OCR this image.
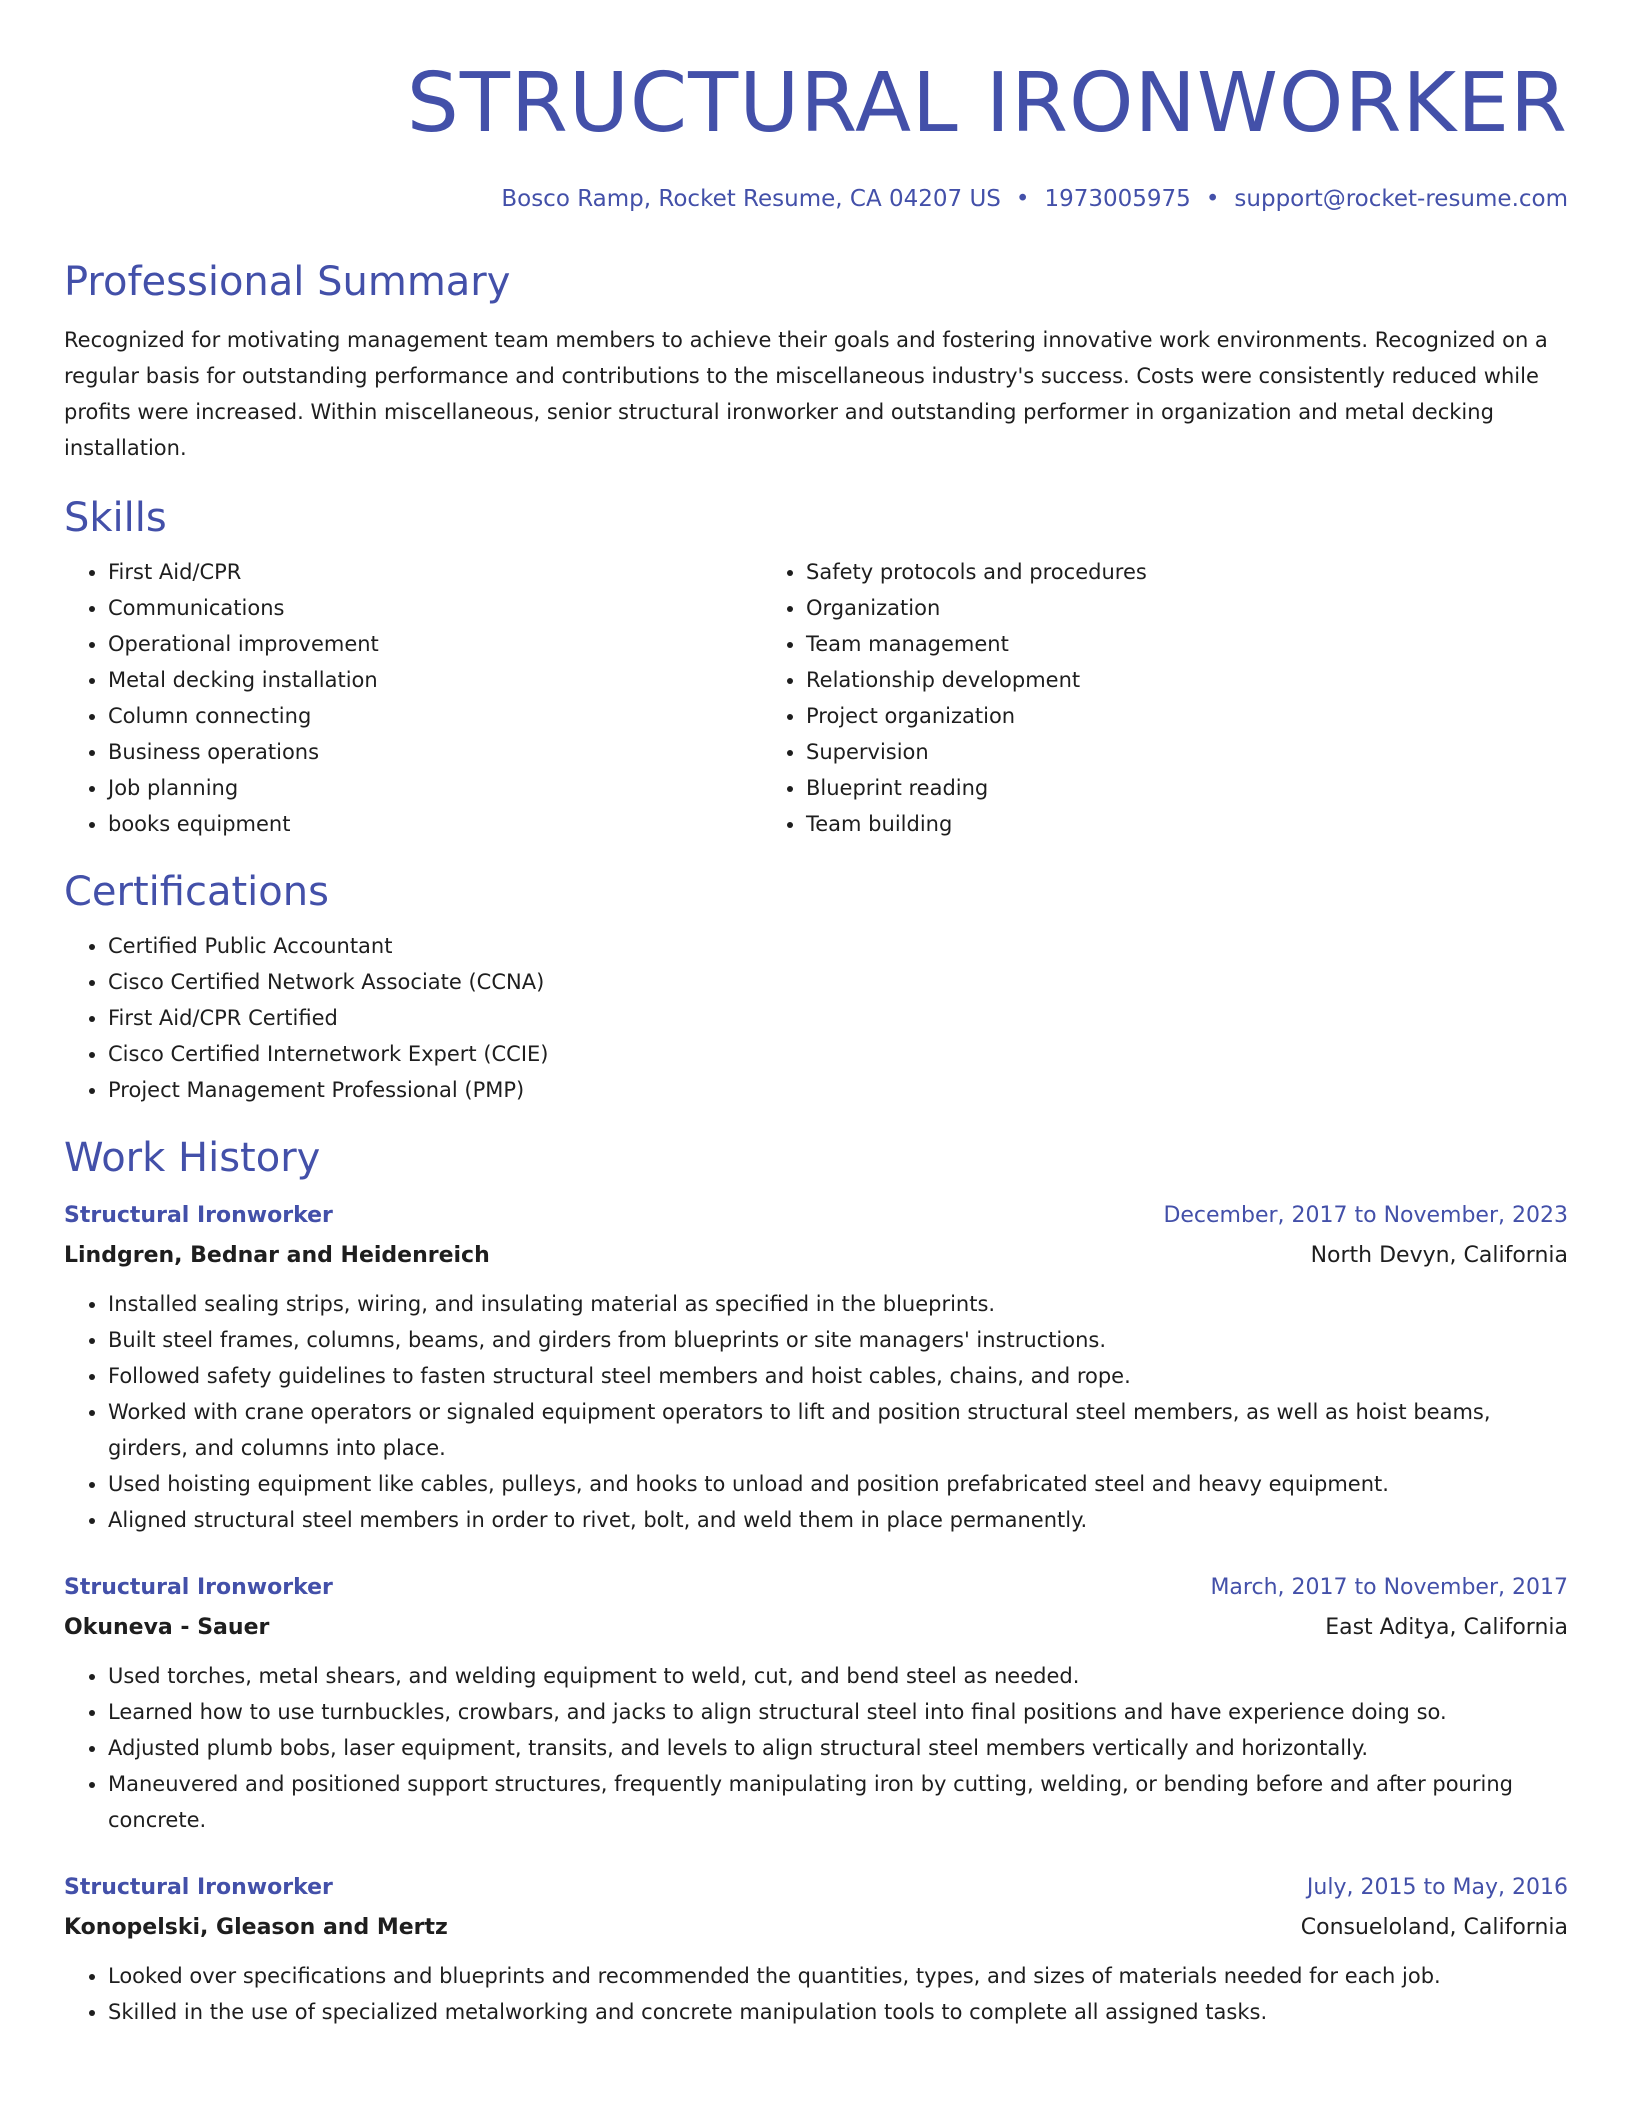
STRUCTURAL IRONWORKER
Bosco Ramp, Rocket Resume, CA 04207 US • 1973005975 • support@rocket-resume.com
Professional Summary
Recognized for motivating management team members to achieve their goals and fostering innovative work environments. Recognized on a regular basis for outstanding performance and contributions to the miscellaneous industry's success. Costs were consistently reduced while profits were increased. Within miscellaneous, senior structural ironworker and outstanding performer in organization and metal decking installation.
Skills
• First Aid/CPR
• Communications
• Operational improvement
• Metal decking installation
• Column connecting
• Business operations
• Job planning
• books equipment
• Safety protocols and procedures
• Organization
• Team management
• Relationship development
• Project organization
• Supervision
• Blueprint reading
• Team building
Certifications
• Certified Public Accountant
• Cisco Certified Network Associate (CCNA)
• First Aid/CPR Certified
• Cisco Certified Internetwork Expert (CCIE)
• Project Management Professional (PMP)
Work History
Structural Ironworker	December, 2017 to November, 2023
Lindgren, Bednar and Heidenreich	North Devyn, California
• Installed sealing strips, wiring, and insulating material as specified in the blueprints.
• Built steel frames, columns, beams, and girders from blueprints or site managers' instructions.
• Followed safety guidelines to fasten structural steel members and hoist cables, chains, and rope.
• Worked with crane operators or signaled equipment operators to lift and position structural steel members, as well as hoist beams, girders, and columns into place.
• Used hoisting equipment like cables, pulleys, and hooks to unload and position prefabricated steel and heavy equipment.
• Aligned structural steel members in order to rivet, bolt, and weld them in place permanently.
Structural Ironworker	March, 2017 to November, 2017
Okuneva - Sauer	East Aditya, California
• Used torches, metal shears, and welding equipment to weld, cut, and bend steel as needed.
• Learned how to use turnbuckles, crowbars, and jacks to align structural steel into final positions and have experience doing so.
• Adjusted plumb bobs, laser equipment, transits, and levels to align structural steel members vertically and horizontally.
• Maneuvered and positioned support structures, frequently manipulating iron by cutting, welding, or bending before and after pouring concrete.
Structural Ironworker	July, 2015 to May, 2016
Konopelski, Gleason and Mertz	Consueloland, California
• Looked over specifications and blueprints and recommended the quantities, types, and sizes of materials needed for each job.
• Skilled in the use of specialized metalworking and concrete manipulation tools to complete all assigned tasks.
